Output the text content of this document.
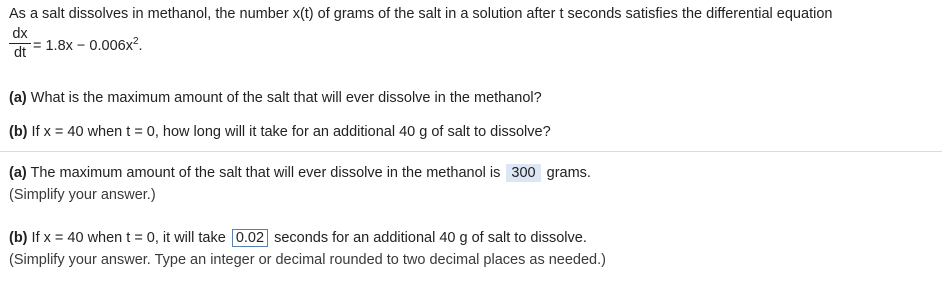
As a salt dissolves in methanol, the number x(t) of grams of the salt in a solution after t seconds satisfies the differential equation
dx
dt = $1.8x - 0.006x^2$.
(a) What is the maximum amount of the salt that will ever dissolve in the methanol?
(b) If x = 40 when t = 0, how long will it take for an additional 40 g of salt to dissolve?
(a) The maximum amount of the salt that will ever dissolve in the methanol is 300 grams.
(Simplify your answer.)
(b) If x = 40 when t = 0, it will take 0.02 seconds for an additional 40 g of salt to dissolve.
(Simplify your answer. Type an integer or decimal rounded to two decimal places as needed.)
